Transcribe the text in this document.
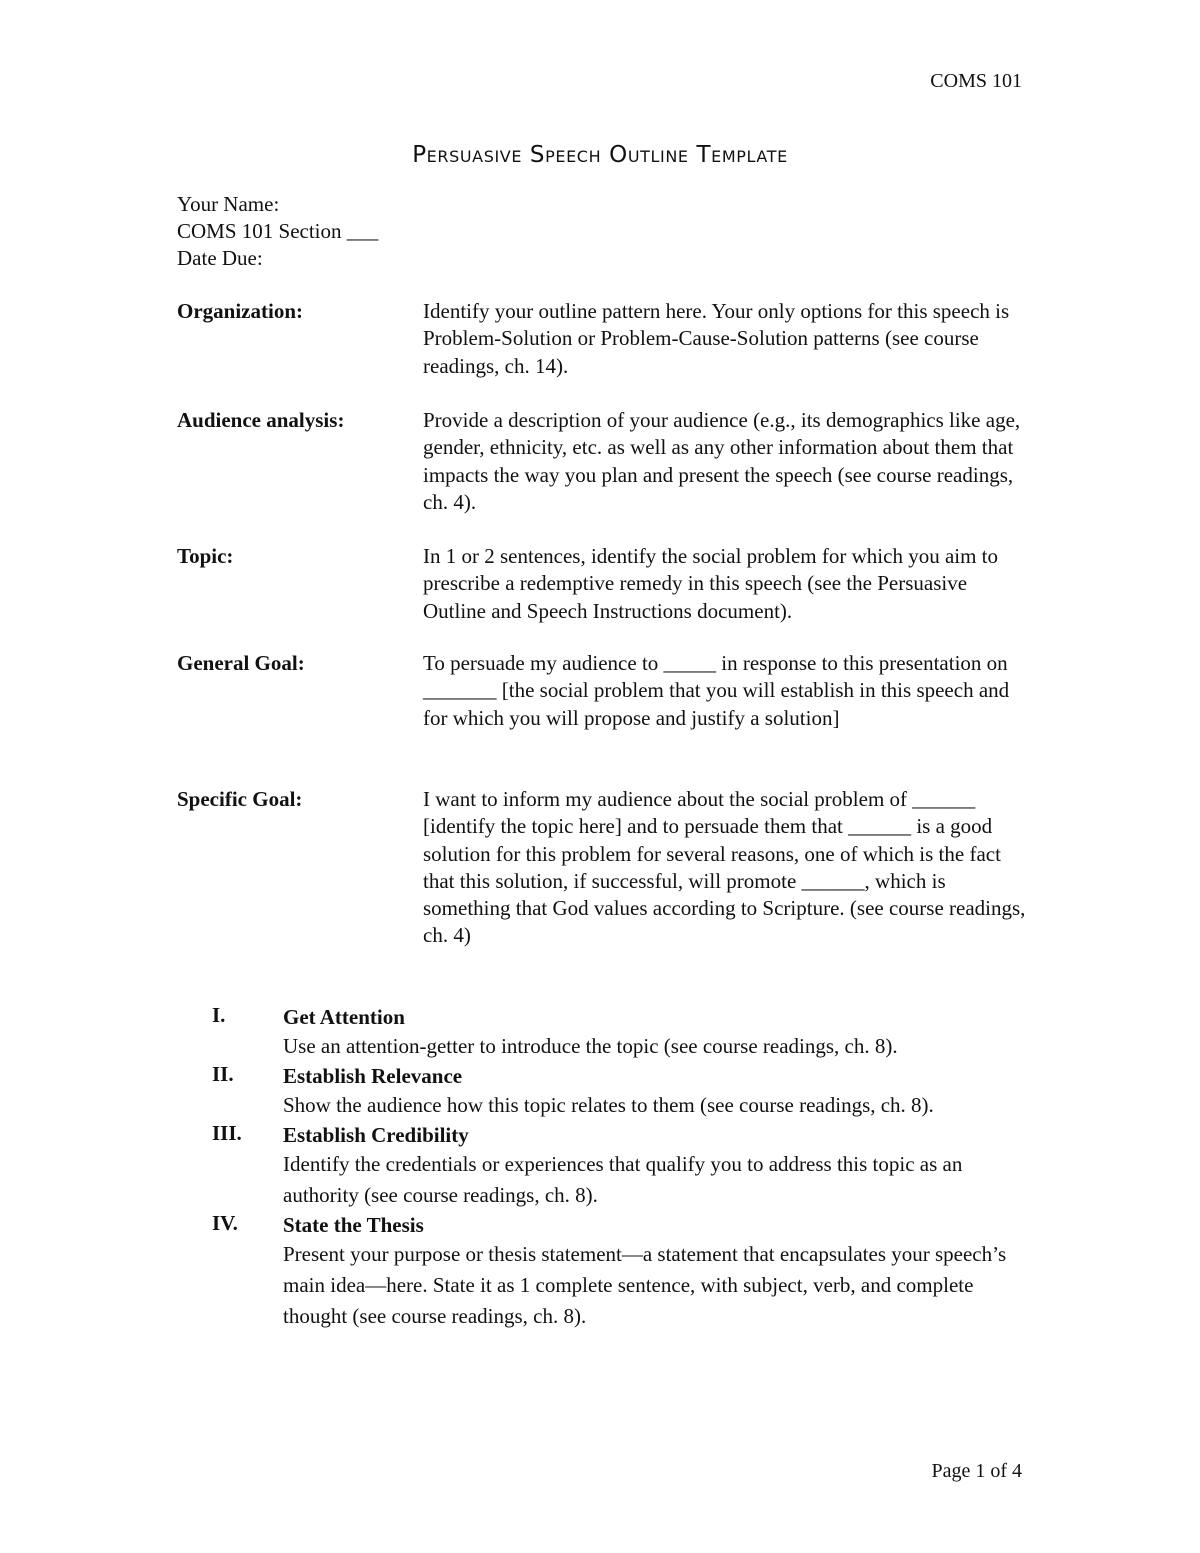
COMS 101
Persuasive Speech Outline Template
Your Name:
COMS 101 Section ___
Date Due:
Organization:	Identify your outline pattern here. Your only options for this speech is Problem-Solution or Problem-Cause-Solution patterns (see course readings, ch. 14).
Audience analysis:	Provide a description of your audience (e.g., its demographics like age, gender, ethnicity, etc. as well as any other information about them that impacts the way you plan and present the speech (see course readings, ch. 4).
Topic:	In 1 or 2 sentences, identify the social problem for which you aim to prescribe a redemptive remedy in this speech (see the Persuasive Outline and Speech Instructions document).
General Goal:	To persuade my audience to _____ in response to this presentation on _______ [the social problem that you will establish in this speech and for which you will propose and justify a solution]
Specific Goal:	I want to inform my audience about the social problem of ______ [identify the topic here] and to persuade them that ______ is a good solution for this problem for several reasons, one of which is the fact that this solution, if successful, will promote ______, which is something that God values according to Scripture. (see course readings, ch. 4)
I.	Get Attention
Use an attention-getter to introduce the topic (see course readings, ch. 8).
II. Establish Relevance
Show the audience how this topic relates to them (see course readings, ch. 8).
III. Establish Credibility
Identify the credentials or experiences that qualify you to address this topic as an authority (see course readings, ch. 8).
IV. State the Thesis
Present your purpose or thesis statement—a statement that encapsulates your speech’s main idea—here. State it as 1 complete sentence, with subject, verb, and complete thought (see course readings, ch. 8).
Page 1 of 4
